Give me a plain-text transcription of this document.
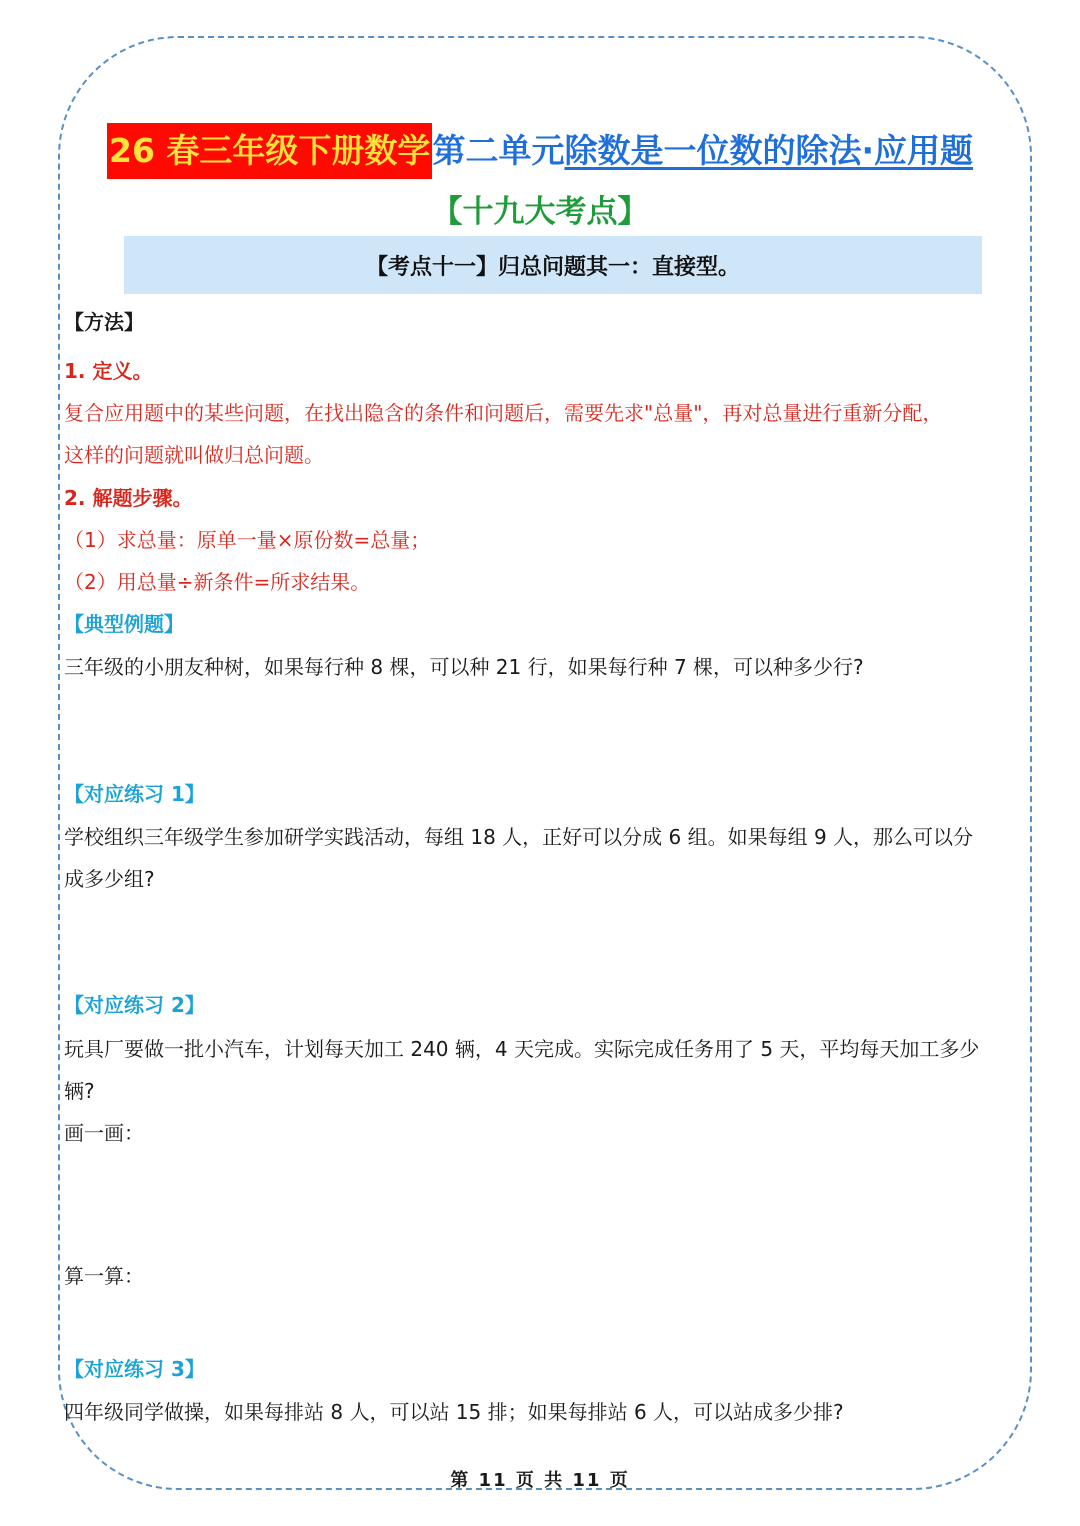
26 春三年级下册数学 第二单元 除数是一位数的除法·应用题
【十九大考点】
【考点十一】归总问题其一：直接型。
【方法】
1. 定义。
复合应用题中的某些问题，在找出隐含的条件和问题后，需要先求"总量"，再对总量进行重新分配，
这样的问题就叫做归总问题。
2. 解题步骤。
（1）求总量：原单一量×原份数=总量；
（2）用总量÷新条件=所求结果。
【典型例题】
三年级的小朋友种树，如果每行种 8 棵，可以种 21 行，如果每行种 7 棵，可以种多少行?
【对应练习 1】
学校组织三年级学生参加研学实践活动，每组 18 人，正好可以分成 6 组。如果每组 9 人，那么可以分
成多少组?
【对应练习 2】
玩具厂要做一批小汽车，计划每天加工 240 辆，4 天完成。实际完成任务用了 5 天，平均每天加工多少
辆?
画一画：
算一算：
【对应练习 3】
四年级同学做操，如果每排站 8 人，可以站 15 排；如果每排站 6 人，可以站成多少排?
第 11 页 共 11 页
